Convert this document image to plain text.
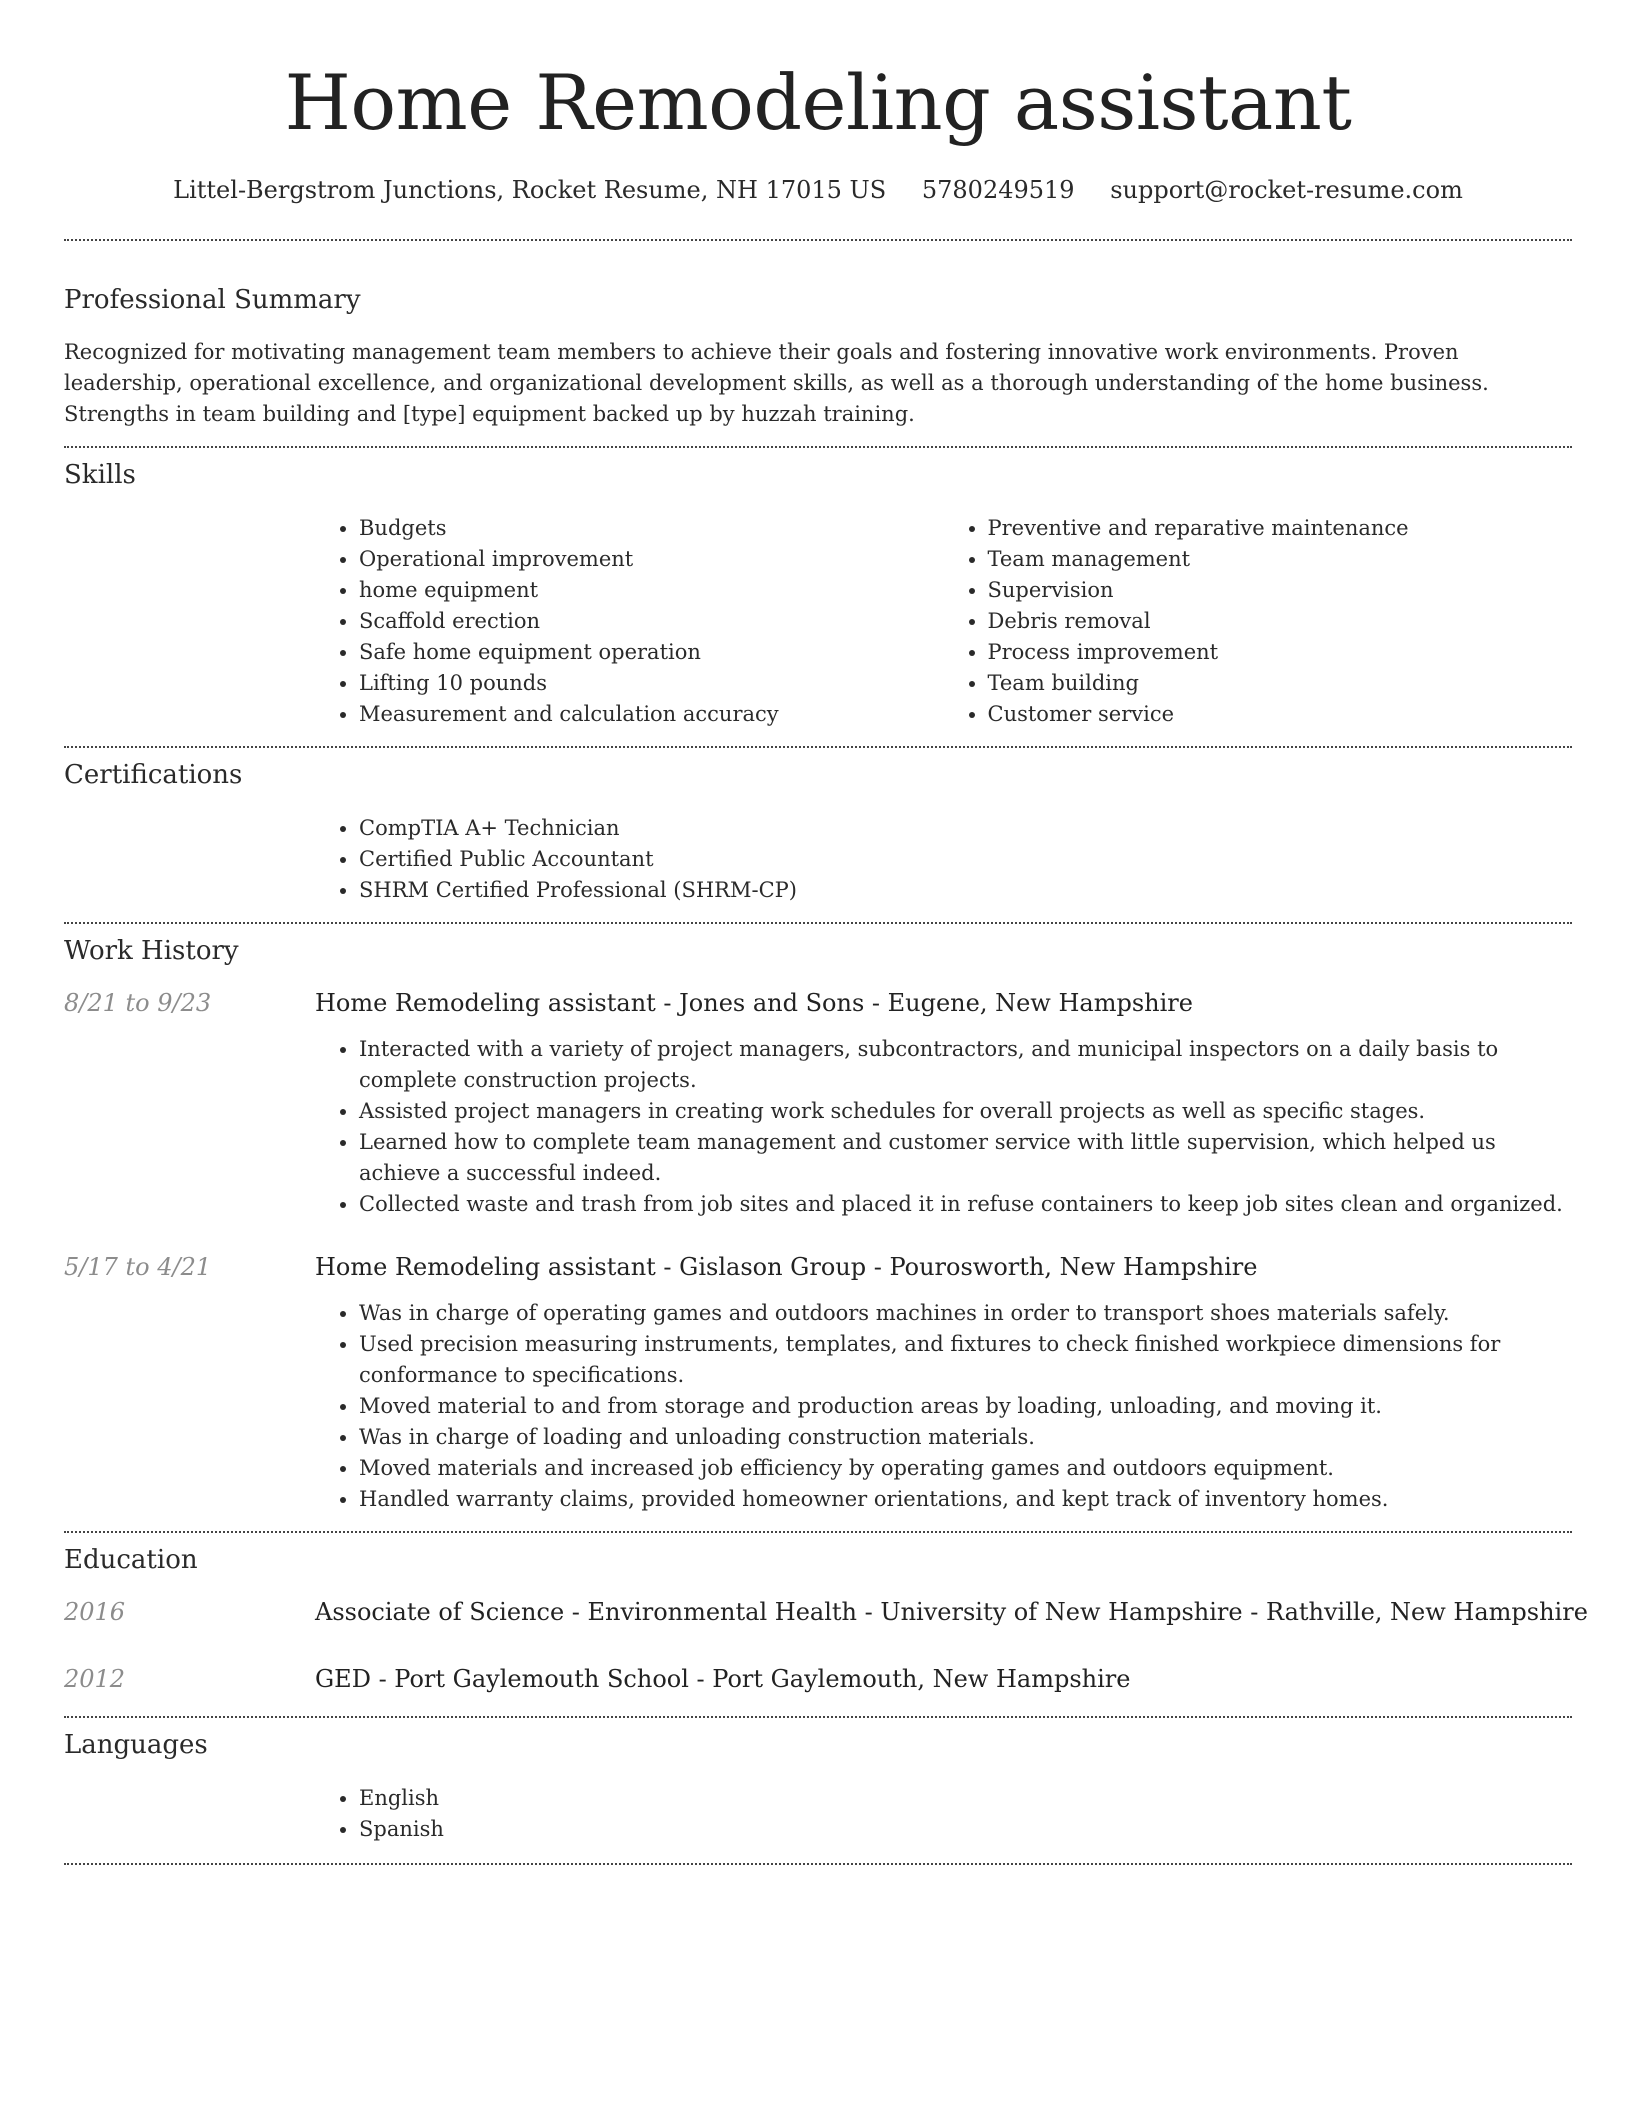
Home Remodeling assistant
Littel-Bergstrom Junctions, Rocket Resume, NH 17015 US 5780249519 support@rocket-resume.com
Professional Summary

Recognized for motivating management team members to achieve their goals and fostering innovative work environments. Proven leadership, operational excellence, and organizational development skills, as well as a thorough understanding of the home business. Strengths in team building and [type] equipment backed up by huzzah training.

Skills
• Budgets
• Operational improvement
• home equipment
• Scaffold erection
• Safe home equipment operation
• Lifting 10 pounds
• Measurement and calculation accuracy
• Preventive and reparative maintenance
• Team management
• Supervision
• Debris removal
• Process improvement
• Team building
• Customer service
Certifications
• CompTIA A+ Technician
• Certified Public Accountant
• SHRM Certified Professional (SHRM-CP)
Work History
8/21 to 9/23	Home Remodeling assistant - Jones and Sons - Eugene, New Hampshire
• Interacted with a variety of project managers, subcontractors, and municipal inspectors on a daily basis to complete construction projects.
• Assisted project managers in creating work schedules for overall projects as well as specific stages.
• Learned how to complete team management and customer service with little supervision, which helped us achieve a successful indeed.
• Collected waste and trash from job sites and placed it in refuse containers to keep job sites clean and organized.
5/17 to 4/21	Home Remodeling assistant - Gislason Group - Pourosworth, New Hampshire
• Was in charge of operating games and outdoors machines in order to transport shoes materials safely.
• Used precision measuring instruments, templates, and fixtures to check finished workpiece dimensions for conformance to specifications.
• Moved material to and from storage and production areas by loading, unloading, and moving it.
• Was in charge of loading and unloading construction materials.
• Moved materials and increased job efficiency by operating games and outdoors equipment.
• Handled warranty claims, provided homeowner orientations, and kept track of inventory homes.
Education
2016	Associate of Science - Environmental Health - University of New Hampshire - Rathville, New Hampshire
2012	GED - Port Gaylemouth School - Port Gaylemouth, New Hampshire
Languages
• English
• Spanish
